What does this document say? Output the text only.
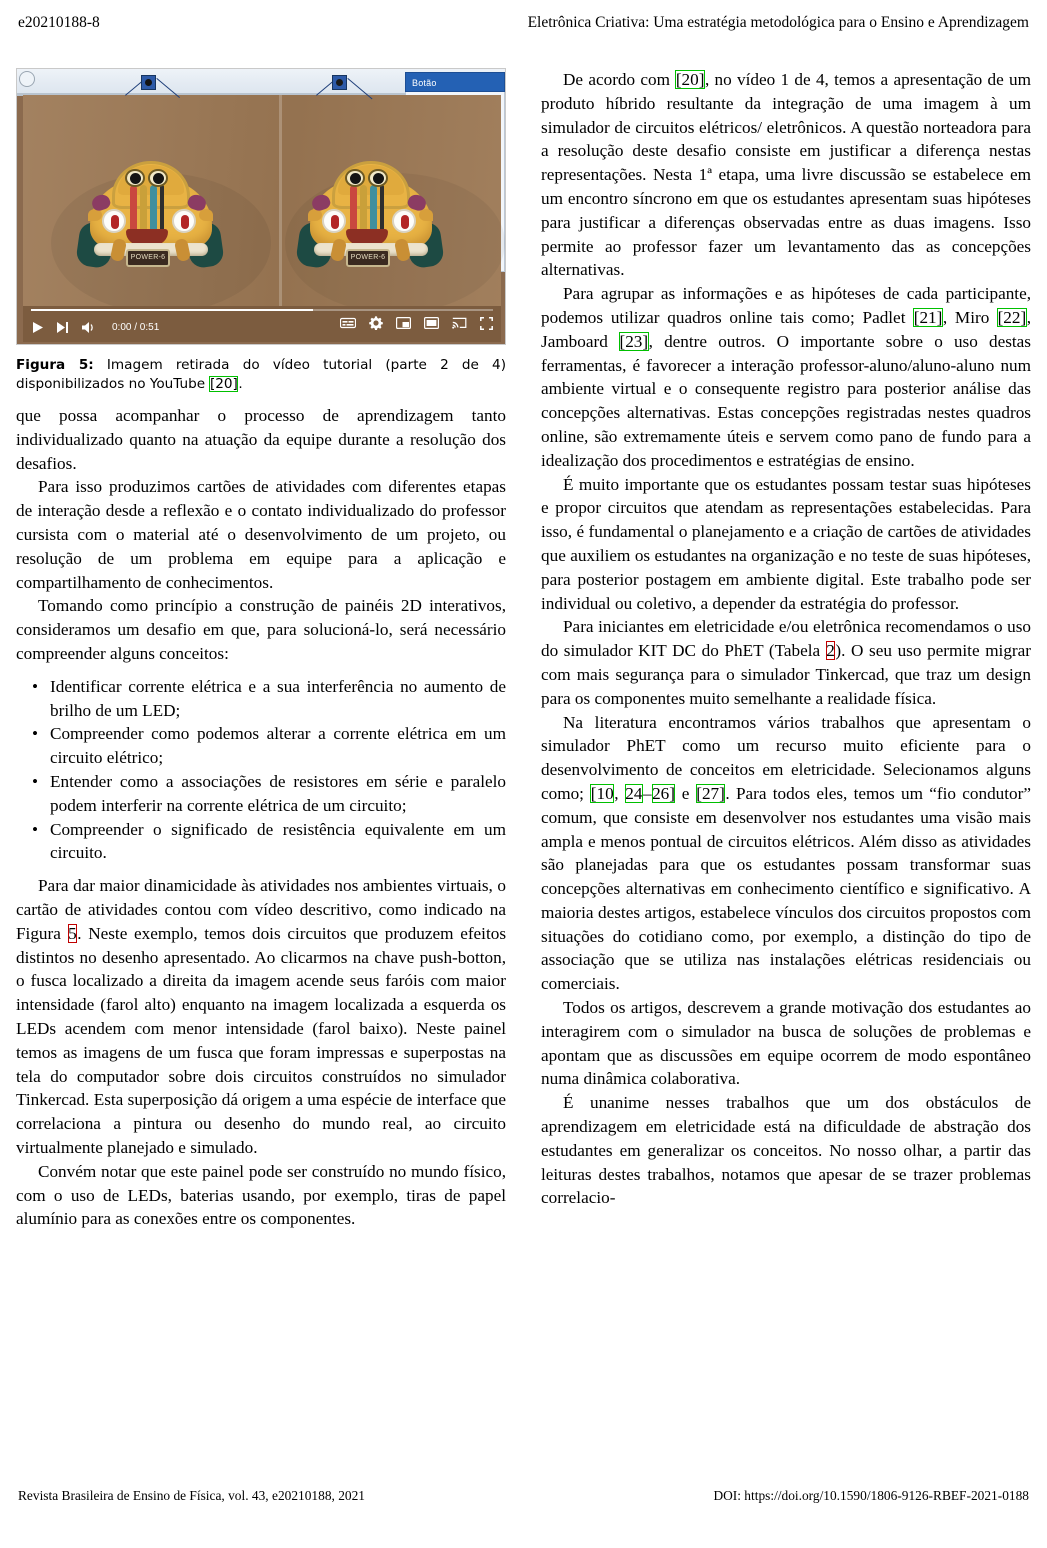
e20210188-8	Eletrônica Criativa: Uma estratégia metodológica para o Ensino e Aprendizagem
Botão
POWER-6	POWER-6
0:00 / 0:51
Figura 5: Imagem retirada do vídeo tutorial (parte 2 de 4) disponibilizados no YouTube [20].

que possa acompanhar o processo de aprendizagem tanto individualizado quanto na atuação da equipe durante a resolução dos desafios.

Para isso produzimos cartões de atividades com diferentes etapas de interação desde a reflexão e o contato individualizado do professor cursista com o material até o desenvolvimento de um projeto, ou resolução de um problema em equipe para a aplicação e compartilhamento de conhecimentos.

Tomando como princípio a construção de painéis 2D interativos, consideramos um desafio em que, para solucioná-lo, será necessário compreender alguns conceitos:

• Identificar corrente elétrica e a sua interferência no aumento de brilho de um LED;
• Compreender como podemos alterar a corrente elétrica em um circuito elétrico;
• Entender como a associações de resistores em série e paralelo podem interferir na corrente elétrica de um circuito;
• Compreender o significado de resistência equivalente em um circuito.

Para dar maior dinamicidade às atividades nos ambientes virtuais, o cartão de atividades contou com vídeo descritivo, como indicado na Figura 5. Neste exemplo, temos dois circuitos que produzem efeitos distintos no desenho apresentado. Ao clicarmos na chave push-botton, o fusca localizado a direita da imagem acende seus faróis com maior intensidade (farol alto) enquanto na imagem localizada a esquerda os LEDs acendem com menor intensidade (farol baixo). Neste painel temos as imagens de um fusca que foram impressas e superpostas na tela do computador sobre dois circuitos construídos no simulador Tinkercad. Esta superposição dá origem a uma espécie de interface que correlaciona a pintura ou desenho do mundo real, ao circuito virtualmente planejado e simulado.

Convém notar que este painel pode ser construído no mundo físico, com o uso de LEDs, baterias usando, por exemplo, tiras de papel alumínio para as conexões entre os componentes.

De acordo com [20], no vídeo 1 de 4, temos a apresentação de um produto híbrido resultante da integração de uma imagem à um simulador de circuitos elétricos/ eletrônicos. A questão norteadora para a resolução deste desafio consiste em justificar a diferença nestas representações. Nesta 1ª etapa, uma livre discussão se estabelece em um encontro síncrono em que os estudantes apresentam suas hipóteses para justificar a diferenças observadas entre as duas imagens. Isso permite ao professor fazer um levantamento das as concepções alternativas.

Para agrupar as informações e as hipóteses de cada participante, podemos utilizar quadros online tais como; Padlet [21], Miro [22], Jamboard [23], dentre outros. O importante sobre o uso destas ferramentas, é favorecer a interação professor-aluno/aluno-aluno num ambiente virtual e o consequente registro para posterior análise das concepções alternativas. Estas concepções registradas nestes quadros online, são extremamente úteis e servem como pano de fundo para a idealização dos procedimentos e estratégias de ensino.

É muito importante que os estudantes possam testar suas hipóteses e propor circuitos que atendam as representações estabelecidas. Para isso, é fundamental o planejamento e a criação de cartões de atividades que auxiliem os estudantes na organização e no teste de suas hipóteses, para posterior postagem em ambiente digital. Este trabalho pode ser individual ou coletivo, a depender da estratégia do professor.

Para iniciantes em eletricidade e/ou eletrônica recomendamos o uso do simulador KIT DC do PhET (Tabela 2). O seu uso permite migrar com mais segurança para o simulador Tinkercad, que traz um design para os componentes muito semelhante a realidade física.

Na literatura encontramos vários trabalhos que apresentam o simulador PhET como um recurso muito eficiente para o desenvolvimento de conceitos em eletricidade. Selecionamos alguns como; [10, 24–26] e [27]. Para todos eles, temos um “fio condutor” comum, que consiste em desenvolver nos estudantes uma visão mais ampla e menos pontual de circuitos elétricos. Além disso as atividades são planejadas para que os estudantes possam transformar suas concepções alternativas em conhecimento científico e significativo. A maioria destes artigos, estabelece vínculos dos circuitos propostos com situações do cotidiano como, por exemplo, a distinção do tipo de associação que se utiliza nas instalações elétricas residenciais ou comerciais.

Todos os artigos, descrevem a grande motivação dos estudantes ao interagirem com o simulador na busca de soluções de problemas e apontam que as discussões em equipe ocorrem de modo espontâneo numa dinâmica colaborativa.

É unanime nesses trabalhos que um dos obstáculos de aprendizagem em eletricidade está na dificuldade de abstração dos estudantes em generalizar os conceitos. No nosso olhar, a partir das leituras destes trabalhos, notamos que apesar de se trazer problemas correlacio-

Revista Brasileira de Ensino de Física, vol. 43, e20210188, 2021	DOI: https://doi.org/10.1590/1806-9126-RBEF-2021-0188
